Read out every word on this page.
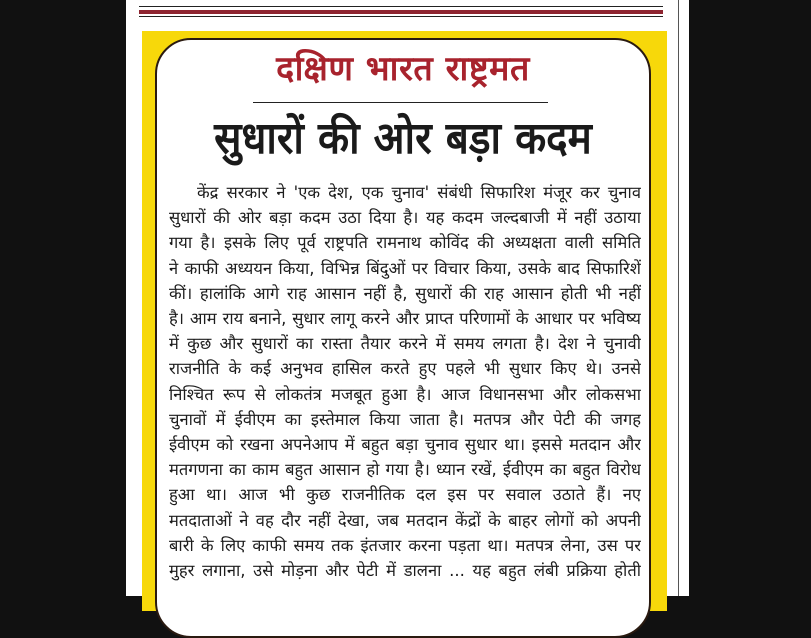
दक्षिण भारत राष्ट्रमत
सुधारों की ओर बड़ा कदम
केंद्र सरकार ने 'एक देश, एक चुनाव' संबंधी सिफारिश मंजूर कर चुनाव
सुधारों की ओर बड़ा कदम उठा दिया है। यह कदम जल्दबाजी में नहीं उठाया
गया है। इसके लिए पूर्व राष्ट्रपति रामनाथ कोविंद की अध्यक्षता वाली समिति
ने काफी अध्ययन किया, विभिन्न बिंदुओं पर विचार किया, उसके बाद सिफारिशें
कीं। हालांकि आगे राह आसान नहीं है, सुधारों की राह आसान होती भी नहीं
है। आम राय बनाने, सुधार लागू करने और प्राप्त परिणामों के आधार पर भविष्य
में कुछ और सुधारों का रास्ता तैयार करने में समय लगता है। देश ने चुनावी
राजनीति के कई अनुभव हासिल करते हुए पहले भी सुधार किए थे। उनसे
निश्चित रूप से लोकतंत्र मजबूत हुआ है। आज विधानसभा और लोकसभा
चुनावों में ईवीएम का इस्तेमाल किया जाता है। मतपत्र और पेटी की जगह
ईवीएम को रखना अपनेआप में बहुत बड़ा चुनाव सुधार था। इससे मतदान और
मतगणना का काम बहुत आसान हो गया है। ध्यान रखें, ईवीएम का बहुत विरोध
हुआ था। आज भी कुछ राजनीतिक दल इस पर सवाल उठाते हैं। नए
मतदाताओं ने वह दौर नहीं देखा, जब मतदान केंद्रों के बाहर लोगों को अपनी
बारी के लिए काफी समय तक इंतजार करना पड़ता था। मतपत्र लेना, उस पर
मुहर लगाना, उसे मोड़ना और पेटी में डालना ... यह बहुत लंबी प्रक्रिया होती
